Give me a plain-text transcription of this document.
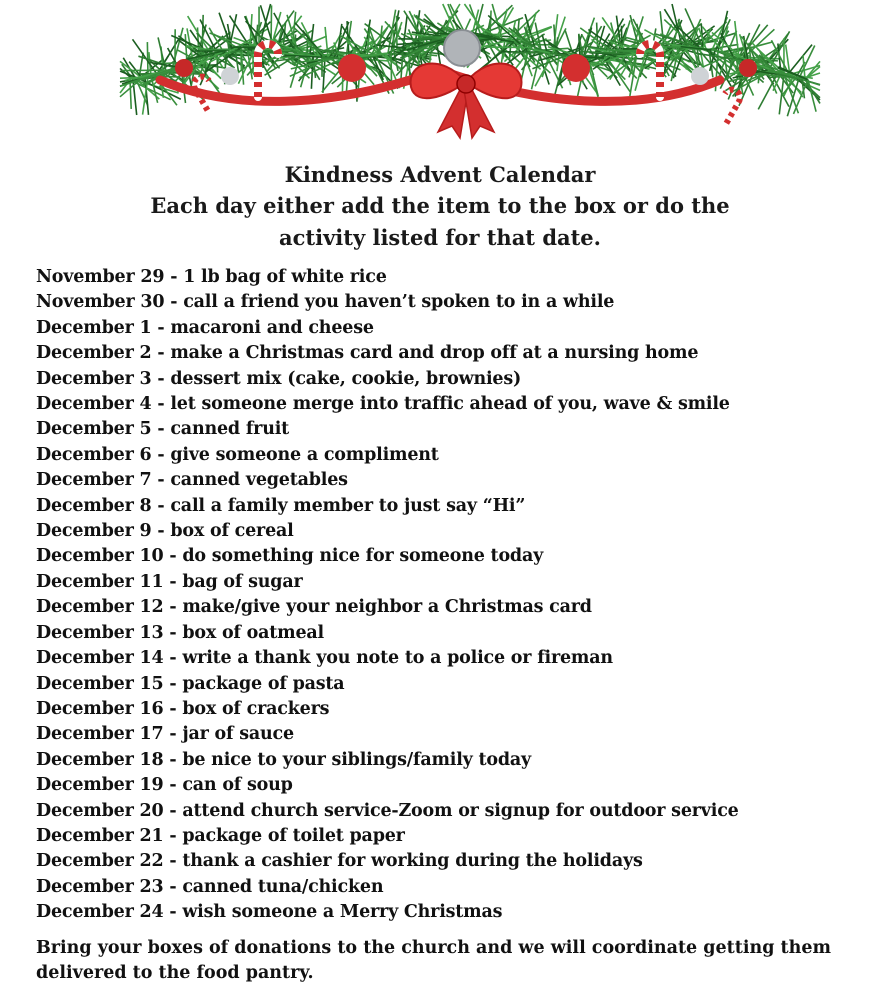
Kindness Advent Calendar
Each day either add the item to the box or do the activity listed for that date.
November 29 - 1 lb bag of white rice
November 30 - call a friend you haven’t spoken to in a while
December 1 - macaroni and cheese
December 2 - make a Christmas card and drop off at a nursing home
December 3 - dessert mix (cake, cookie, brownies)
December 4 - let someone merge into traffic ahead of you, wave & smile
December 5 - canned fruit
December 6 - give someone a compliment
December 7 - canned vegetables
December 8 - call a family member to just say “Hi”
December 9 - box of cereal
December 10 - do something nice for someone today
December 11 - bag of sugar
December 12 - make/give your neighbor a Christmas card
December 13 - box of oatmeal
December 14 - write a thank you note to a police or fireman
December 15 - package of pasta
December 16 - box of crackers
December 17 - jar of sauce
December 18 - be nice to your siblings/family today
December 19 - can of soup
December 20 - attend church service-Zoom or signup for outdoor service
December 21 - package of toilet paper
December 22 - thank a cashier for working during the holidays
December 23 - canned tuna/chicken
December 24 - wish someone a Merry Christmas
Bring your boxes of donations to the church and we will coordinate getting them delivered to the food pantry.
